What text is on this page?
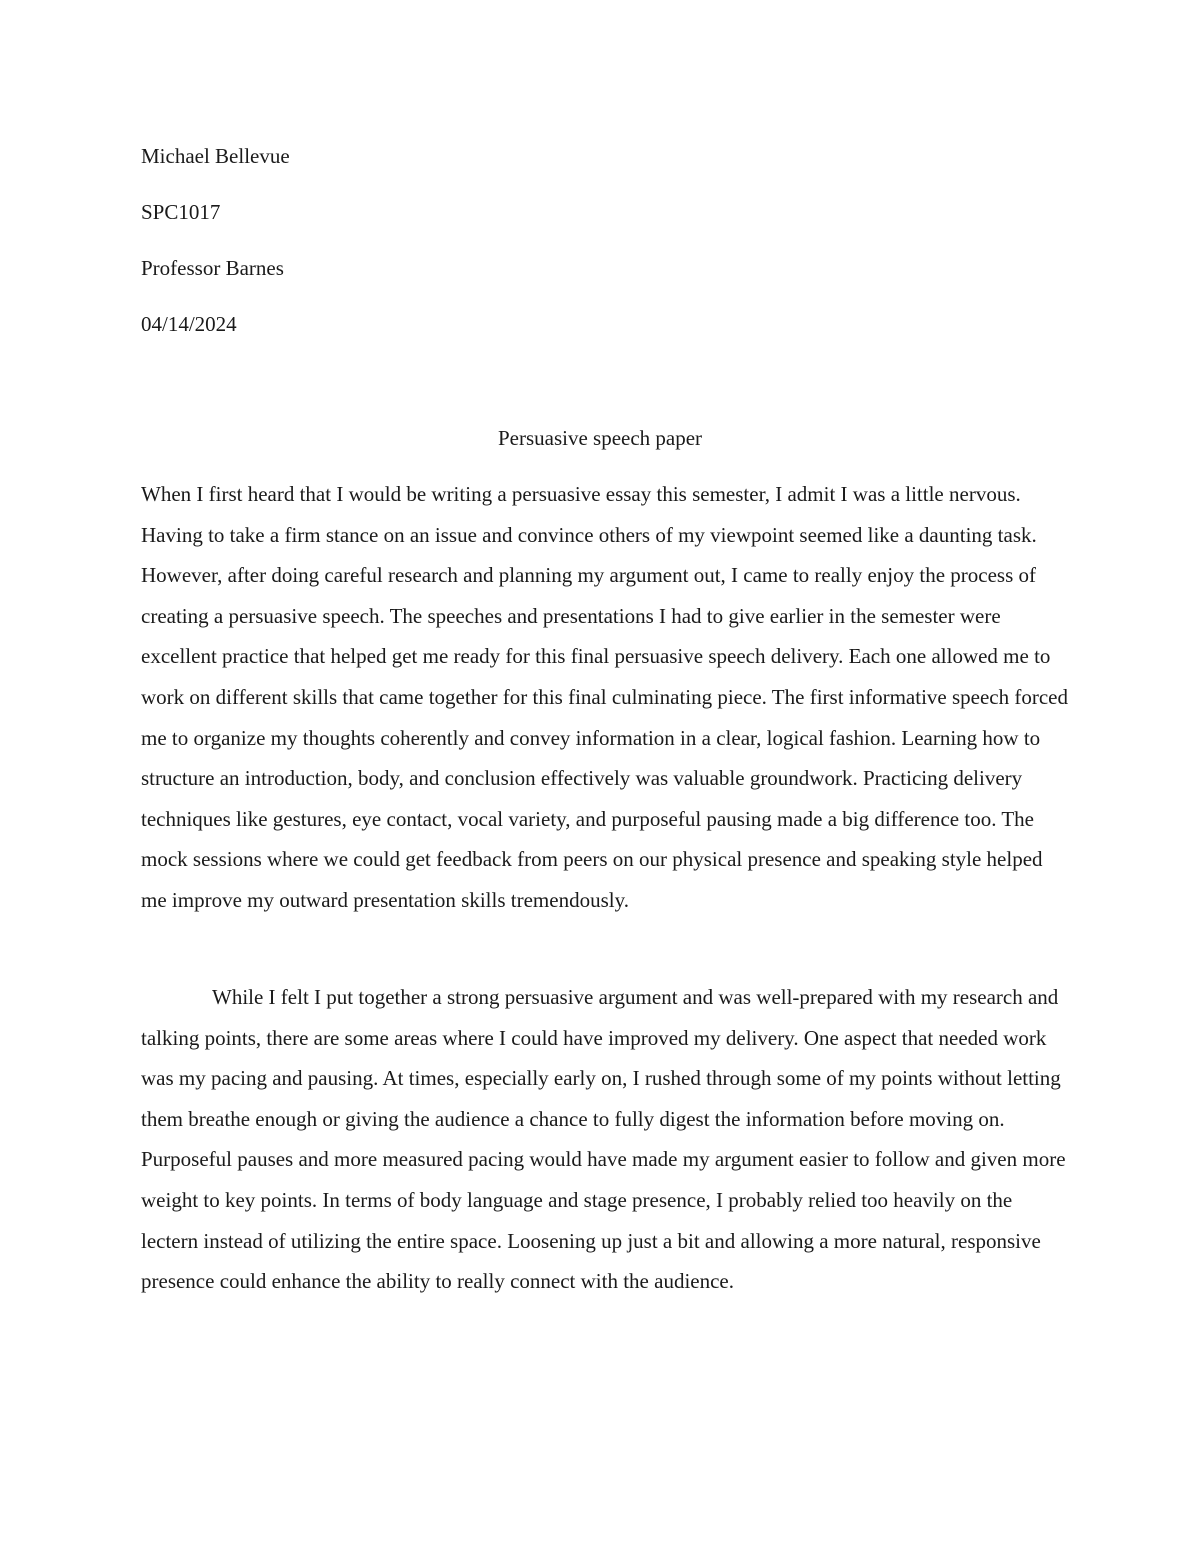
Michael Bellevue

SPC1017

Professor Barnes

04/14/2024

Persuasive speech paper

When I first heard that I would be writing a persuasive essay this semester, I admit I was a little nervous. Having to take a firm stance on an issue and convince others of my viewpoint seemed like a daunting task. However, after doing careful research and planning my argument out, I came to really enjoy the process of creating a persuasive speech. The speeches and presentations I had to give earlier in the semester were excellent practice that helped get me ready for this final persuasive speech delivery. Each one allowed me to work on different skills that came together for this final culminating piece. The first informative speech forced me to organize my thoughts coherently and convey information in a clear, logical fashion. Learning how to structure an introduction, body, and conclusion effectively was valuable groundwork. Practicing delivery techniques like gestures, eye contact, vocal variety, and purposeful pausing made a big difference too. The mock sessions where we could get feedback from peers on our physical presence and speaking style helped me improve my outward presentation skills tremendously.

While I felt I put together a strong persuasive argument and was well-prepared with my research and talking points, there are some areas where I could have improved my delivery. One aspect that needed work was my pacing and pausing. At times, especially early on, I rushed through some of my points without letting them breathe enough or giving the audience a chance to fully digest the information before moving on. Purposeful pauses and more measured pacing would have made my argument easier to follow and given more weight to key points. In terms of body language and stage presence, I probably relied too heavily on the lectern instead of utilizing the entire space. Loosening up just a bit and allowing a more natural, responsive presence could enhance the ability to really connect with the audience.
